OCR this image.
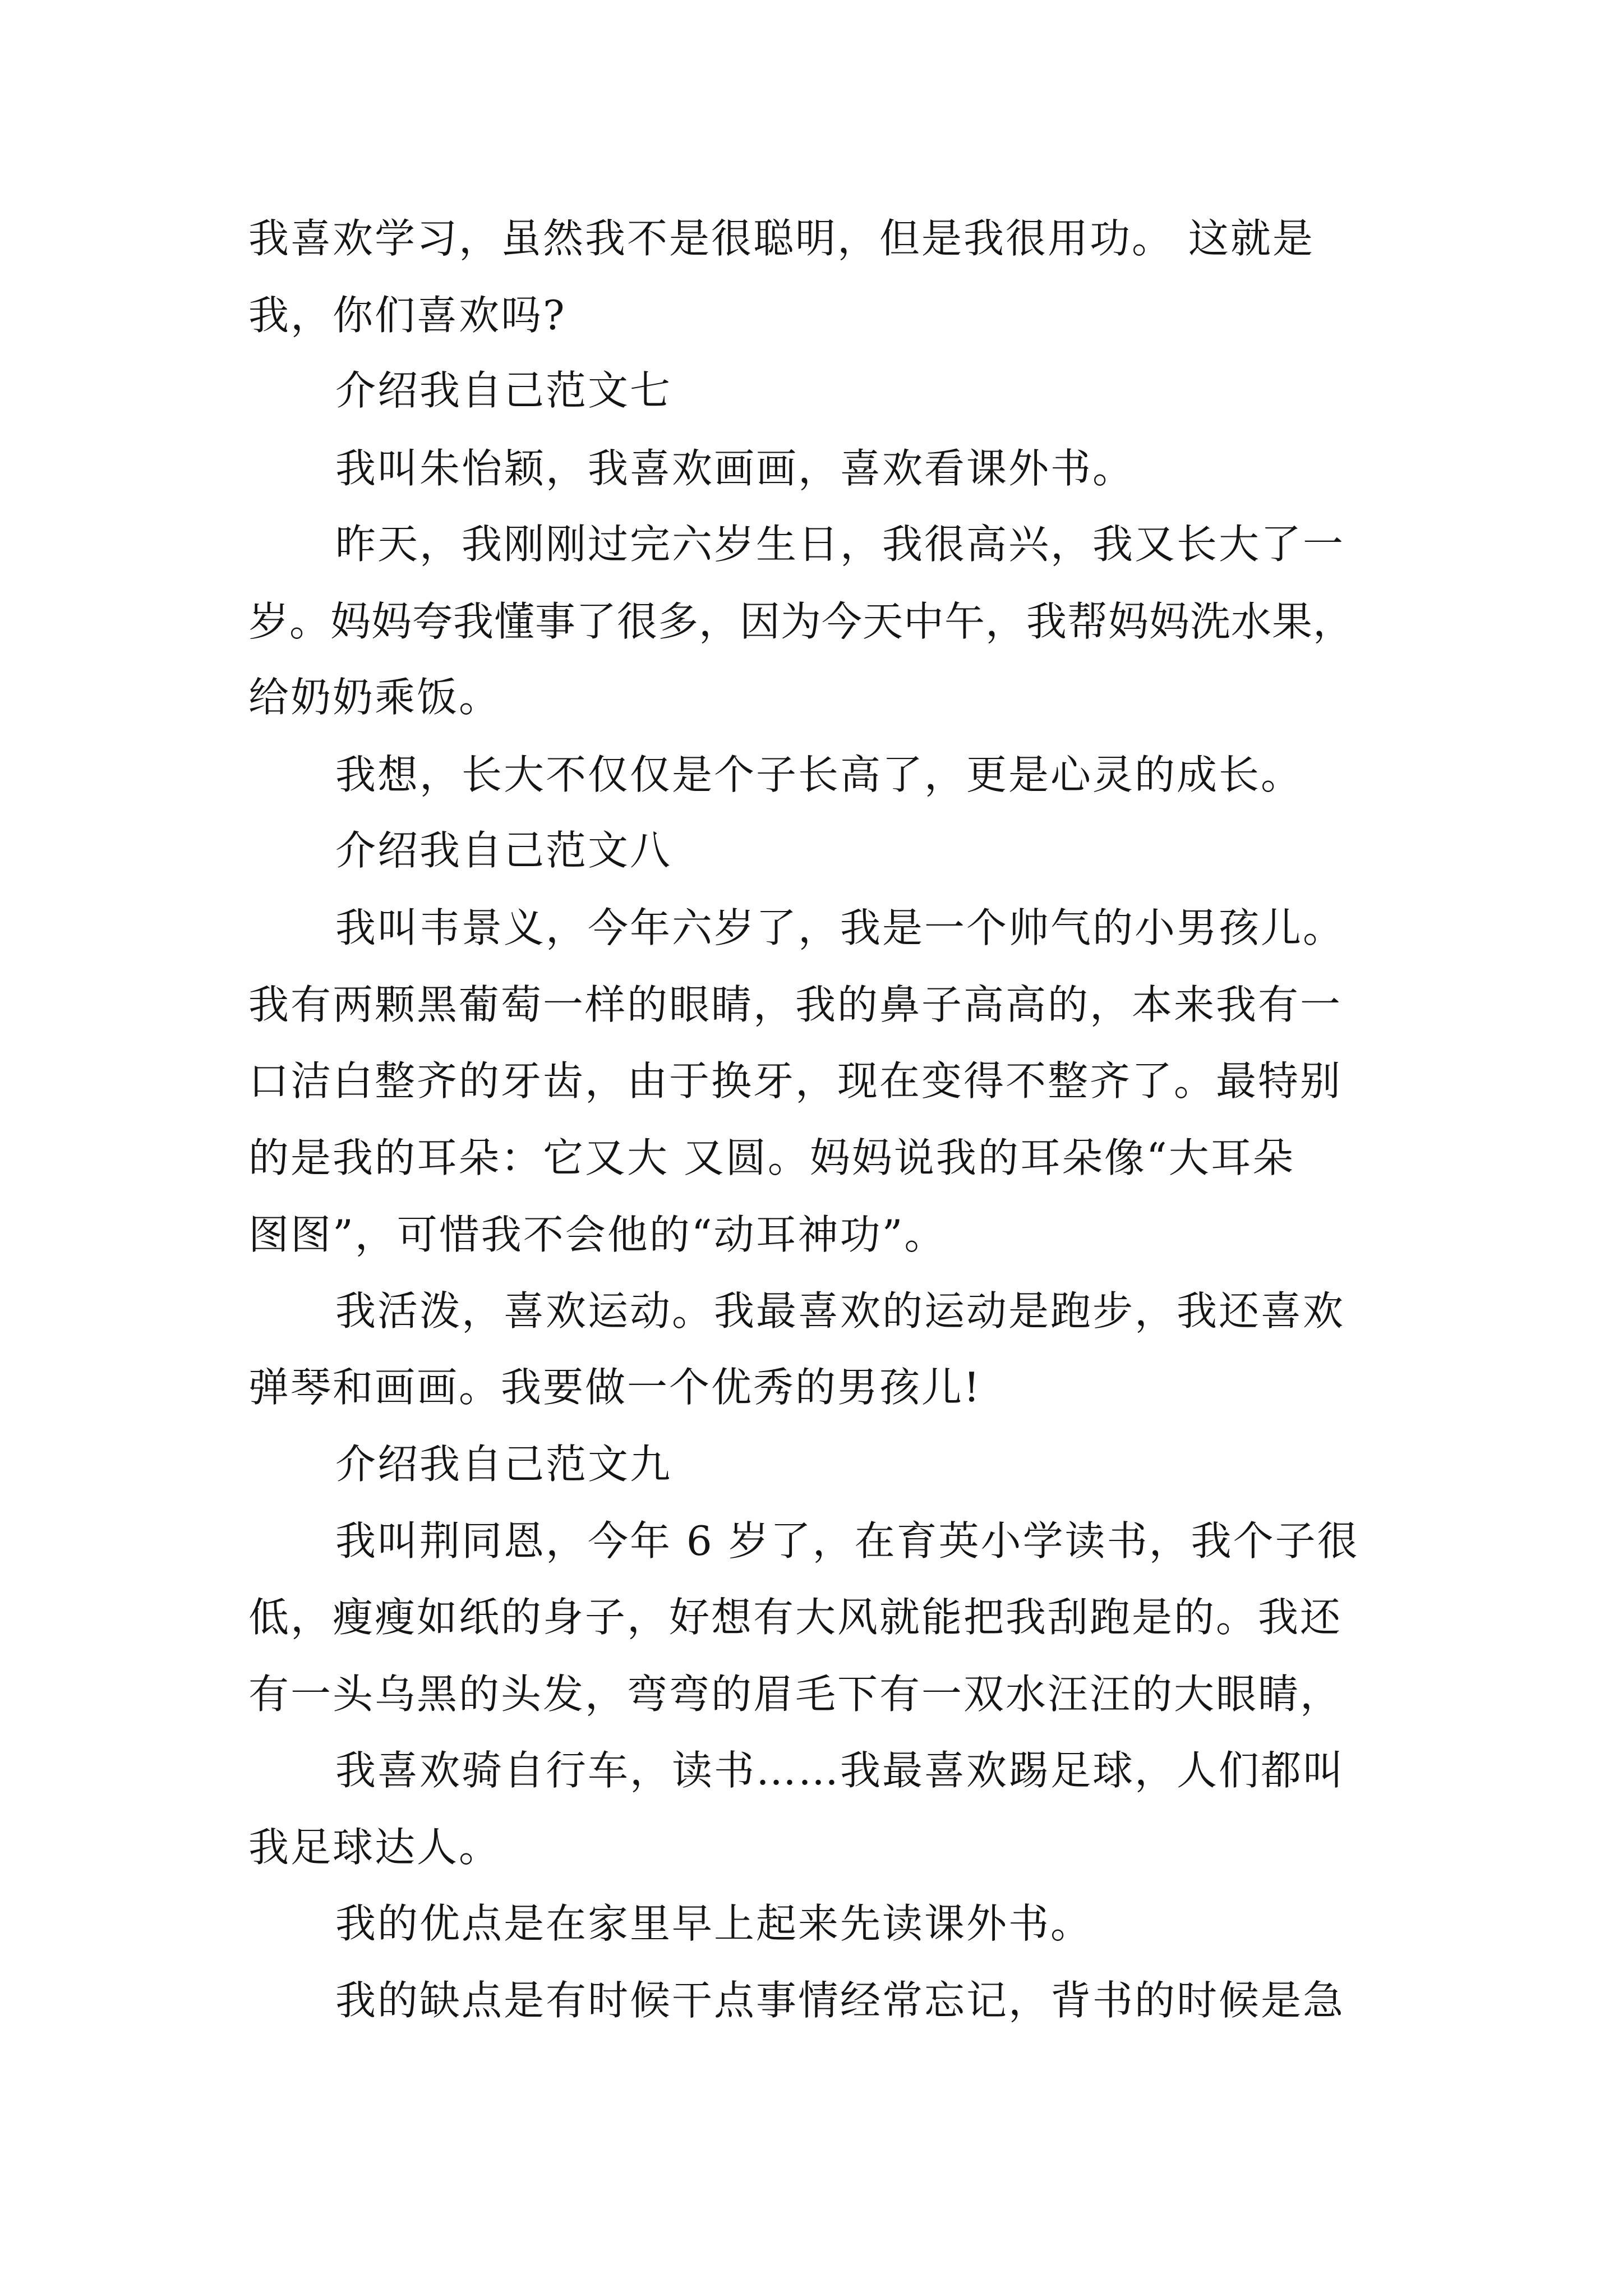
我喜欢学习，虽然我不是很聪明，但是我很用功。 这就是
我，你们喜欢吗?
介绍我自己范文七
我叫朱怡颖，我喜欢画画，喜欢看课外书。
昨天，我刚刚过完六岁生日，我很高兴，我又长大了一
岁。妈妈夸我懂事了很多，因为今天中午，我帮妈妈洗水果，
给奶奶乘饭。
我想，长大不仅仅是个子长高了，更是心灵的成长。
介绍我自己范文八
我叫韦景义，今年六岁了，我是一个帅气的小男孩儿。
我有两颗黑葡萄一样的眼睛，我的鼻子高高的，本来我有一
口洁白整齐的牙齿，由于换牙，现在变得不整齐了。最特别
的是我的耳朵：它又大 又圆。妈妈说我的耳朵像“大耳朵
图图”，可惜我不会他的“动耳神功”。
我活泼，喜欢运动。我最喜欢的运动是跑步，我还喜欢
弹琴和画画。我要做一个优秀的男孩儿!
介绍我自己范文九
我叫荆同恩，今年 6 岁了，在育英小学读书，我个子很
低，瘦瘦如纸的身子，好想有大风就能把我刮跑是的。我还
有一头乌黑的头发，弯弯的眉毛下有一双水汪汪的大眼睛，
我喜欢骑自行车，读书……我最喜欢踢足球，人们都叫
我足球达人。
我的优点是在家里早上起来先读课外书。
我的缺点是有时候干点事情经常忘记，背书的时候是急
